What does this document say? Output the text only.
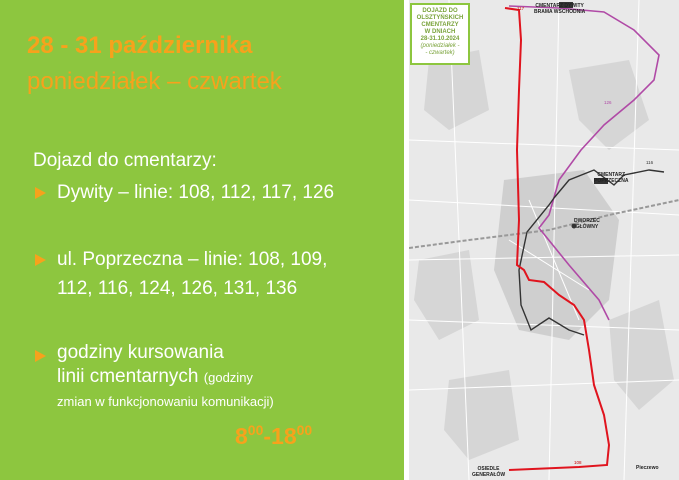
28 - 31 października
poniedziałek – czwartek
Dojazd do cmentarzy:
Dywity – linie: 108, 112, 117, 126
ul. Poprzeczna – linie: 108, 109, 112, 116, 124, 126, 131, 136
godziny kursowania
linii cmentarnych (godziny
zmian w funkcjonowaniu komunikacji)
$8^{00}-18^{00}$
CMENTARZ DYWITY
BRAMA WSCHODNIA
CMENTARZ
POPRZECZNA
DWORZEC
GŁÓWNY
OSIEDLE
GENERAŁÓW
Pieczewo
117
126
116
108
DOJAZD DO
OLSZTYŃSKICH
CMENTARZY
W DNIACH
28-31.10.2024
(poniedziałek -
- czwartek)
